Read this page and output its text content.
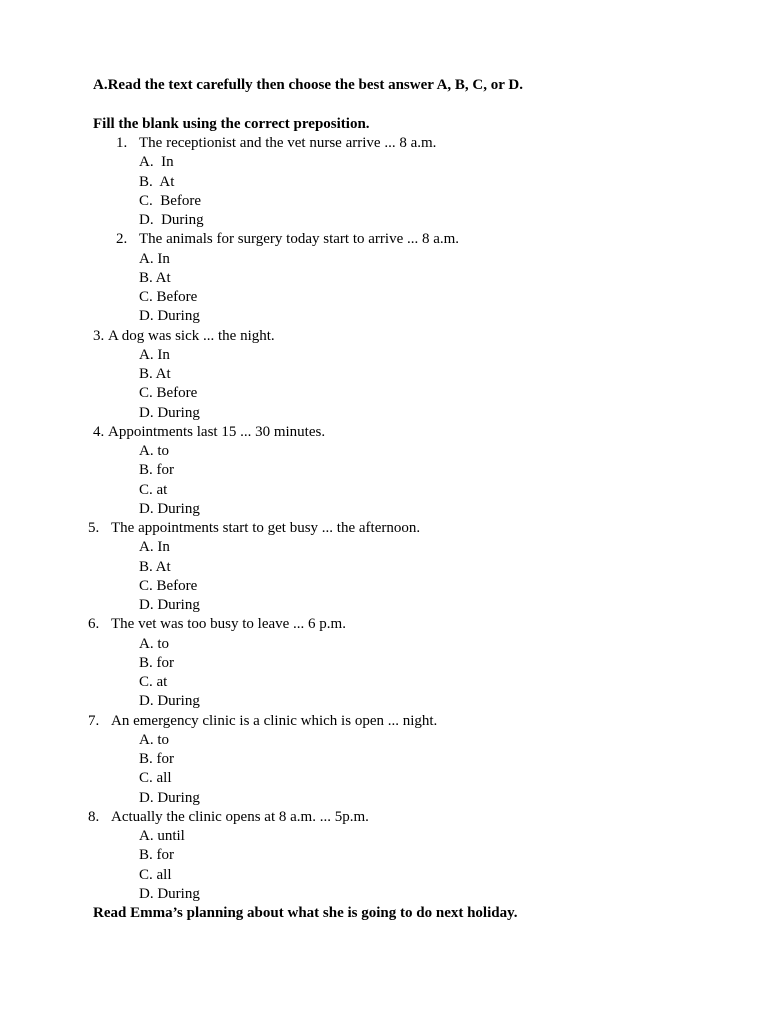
A.Read the text carefully then choose the best answer A, B, C, or D.
Fill the blank using the correct preposition.
1. The receptionist and the vet nurse arrive ... 8 a.m.
A.  In
B.  At
C.  Before
D.  During
2. The animals for surgery today start to arrive ... 8 a.m.
A. In
B. At
C. Before
D. During
3. A dog was sick ... the night.
A. In
B. At
C. Before
D. During
4. Appointments last 15 ... 30 minutes.
A. to
B. for
C. at
D. During
5. The appointments start to get busy ... the afternoon.
A. In
B. At
C. Before
D. During
6. The vet was too busy to leave ... 6 p.m.
A. to
B. for
C. at
D. During
7. An emergency clinic is a clinic which is open ... night.
A. to
B. for
C. all
D. During
8. Actually the clinic opens at 8 a.m. ... 5p.m.
A. until
B. for
C. all
D. During
Read Emma’s planning about what she is going to do next holiday.
